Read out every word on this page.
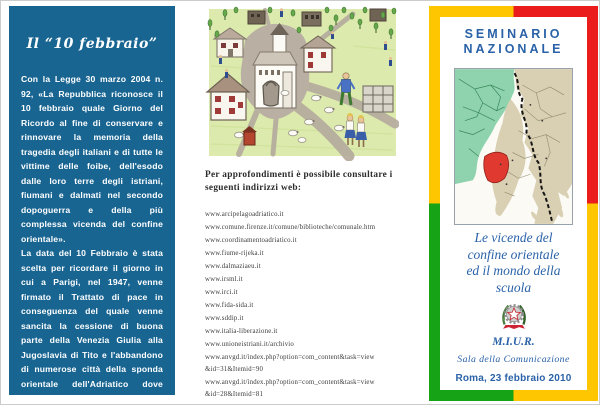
Il “10 febbraio”

Con la Legge 30 marzo 2004 n. 92, «La Repubblica riconosce il 10 febbraio quale Giorno del Ricordo al fine di conservare e rinnovare la memoria della tragedia degli italiani e di tutte le vittime delle foibe, dell'esodo dalle loro terre degli istriani, fiumani e dalmati nel secondo dopoguerra e della più complessa vicenda del confine orientale».

La data del 10 Febbraio è stata scelta per ricordare il giorno in cui a Parigi, nel 1947, venne firmato il Trattato di pace in conseguenza del quale venne sancita la cessione di buona parte della Venezia Giulia alla Jugoslavia di Tito e l'abbandono di numerose città della sponda orientale dell'Adriatico dove l'elemento italiano era percentualmente maggioritario.

Per approfondimenti è possibile consultare i seguenti indirizzi web:
www.arcipelagoadriatico.it
www.comune.firenze.it/comune/biblioteche/comunale.htm
www.coordinamentoadriatico.it
www.fiume-rijeka.it
www.dalmaziaeu.it
www.irsml.it
www.irci.it
www.fida-sida.it
www.sddip.it
www.italia-liberazione.it
www.unioneistriani.it/archivio
www.anvgd.it/index.php?option=com_content&task=view &id=31&Itemid=90
www.anvgd.it/index.php?option=com_content&task=view &id=28&Itemid=81
SEMINARIO
NAZIONALE
Le vicende del
confine orientale
ed il mondo della
scuola
M.I.U.R.
Sala della Comunicazione
Roma, 23 febbraio 2010
